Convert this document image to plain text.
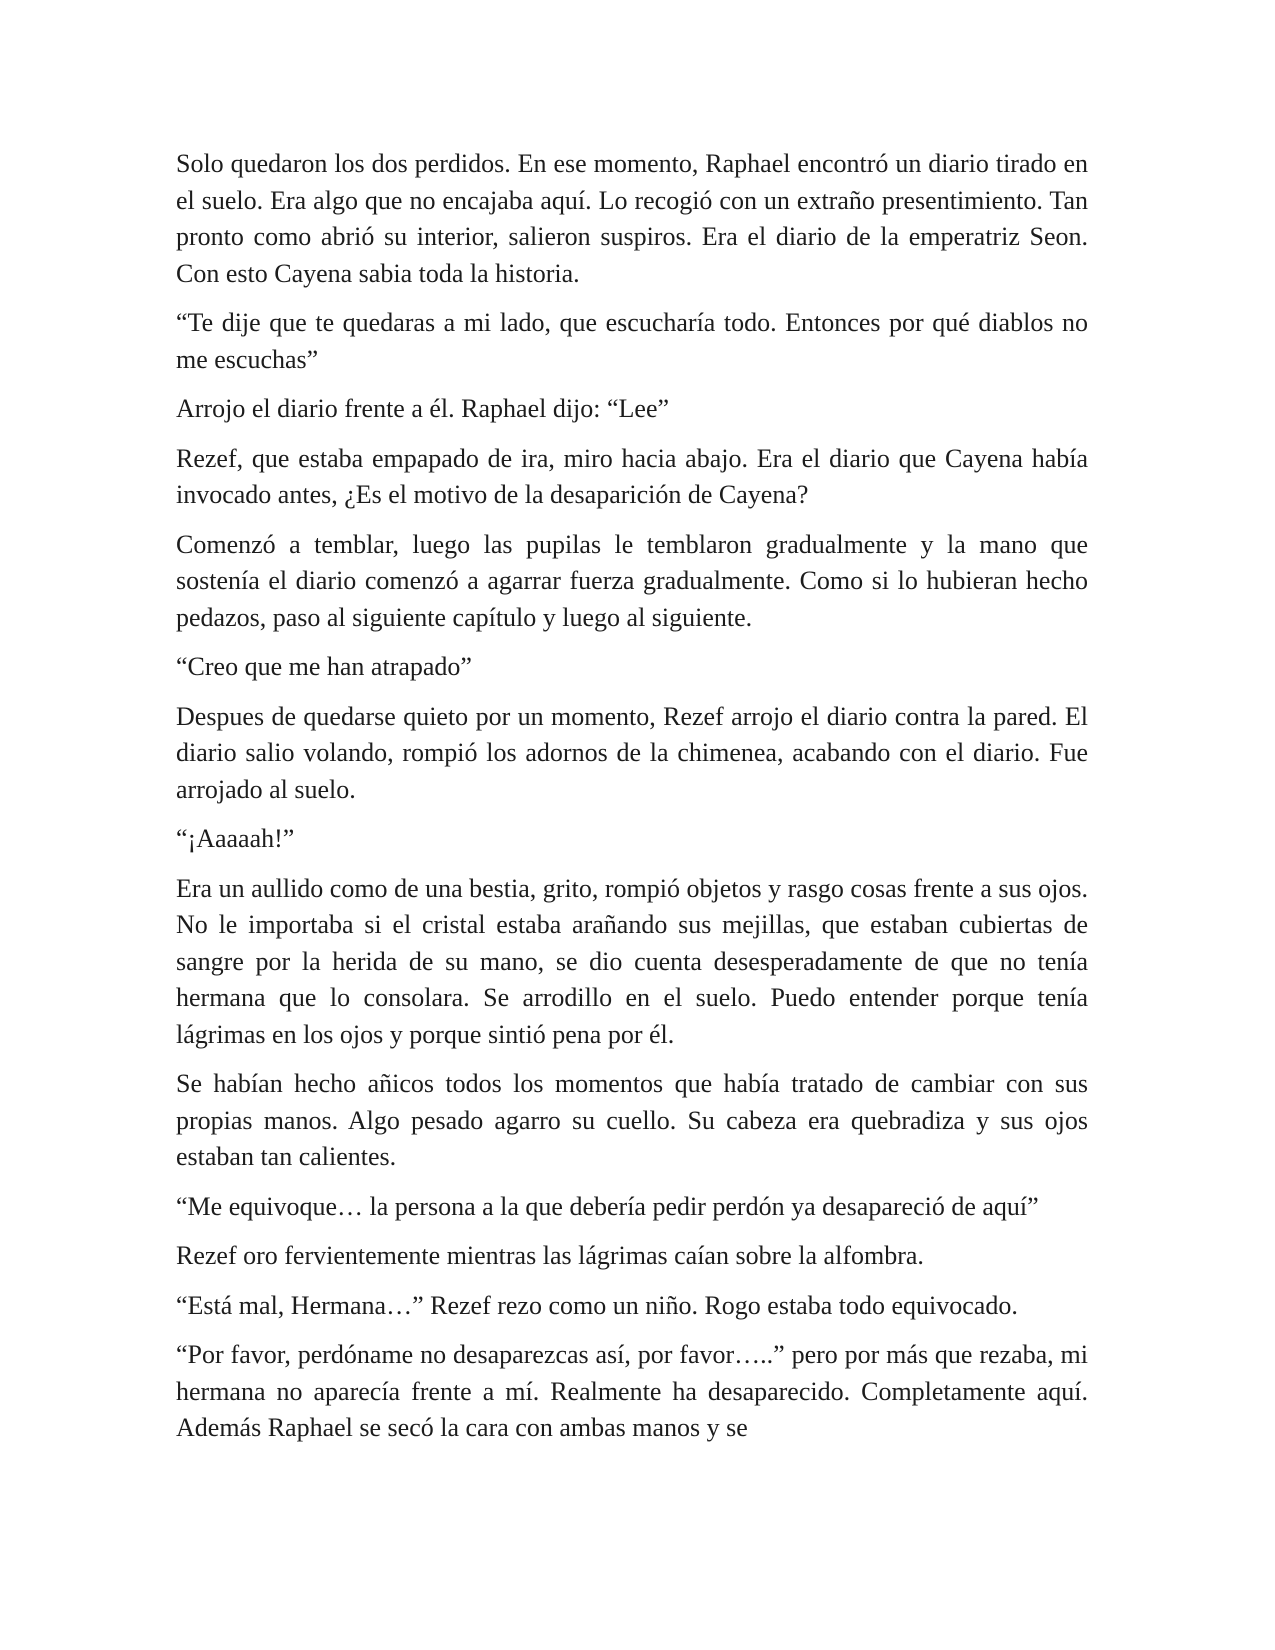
Solo quedaron los dos perdidos. En ese momento, Raphael encontró un diario tirado en el suelo. Era algo que no encajaba aquí. Lo recogió con un extraño presentimiento. Tan pronto como abrió su interior, salieron suspiros. Era el diario de la emperatriz Seon. Con esto Cayena sabia toda la historia.

“Te dije que te quedaras a mi lado, que escucharía todo. Entonces por qué diablos no me escuchas”

Arrojo el diario frente a él. Raphael dijo: “Lee”

Rezef, que estaba empapado de ira, miro hacia abajo. Era el diario que Cayena había invocado antes, ¿Es el motivo de la desaparición de Cayena?

Comenzó a temblar, luego las pupilas le temblaron gradualmente y la mano que sostenía el diario comenzó a agarrar fuerza gradualmente. Como si lo hubieran hecho pedazos, paso al siguiente capítulo y luego al siguiente.

“Creo que me han atrapado”

Despues de quedarse quieto por un momento, Rezef arrojo el diario contra la pared. El diario salio volando, rompió los adornos de la chimenea, acabando con el diario. Fue arrojado al suelo.

“¡Aaaaah!”

Era un aullido como de una bestia, grito, rompió objetos y rasgo cosas frente a sus ojos. No le importaba si el cristal estaba arañando sus mejillas, que estaban cubiertas de sangre por la herida de su mano, se dio cuenta desesperadamente de que no tenía hermana que lo consolara. Se arrodillo en el suelo. Puedo entender porque tenía lágrimas en los ojos y porque sintió pena por él.

Se habían hecho añicos todos los momentos que había tratado de cambiar con sus propias manos. Algo pesado agarro su cuello. Su cabeza era quebradiza y sus ojos estaban tan calientes.

“Me equivoque… la persona a la que debería pedir perdón ya desapareció de aquí”

Rezef oro fervientemente mientras las lágrimas caían sobre la alfombra.

“Está mal, Hermana…” Rezef rezo como un niño. Rogo estaba todo equivocado.

“Por favor, perdóname no desaparezcas así, por favor…..” pero por más que rezaba, mi hermana no aparecía frente a mí. Realmente ha desaparecido. Completamente aquí. Además Raphael se secó la cara con ambas manos y se
